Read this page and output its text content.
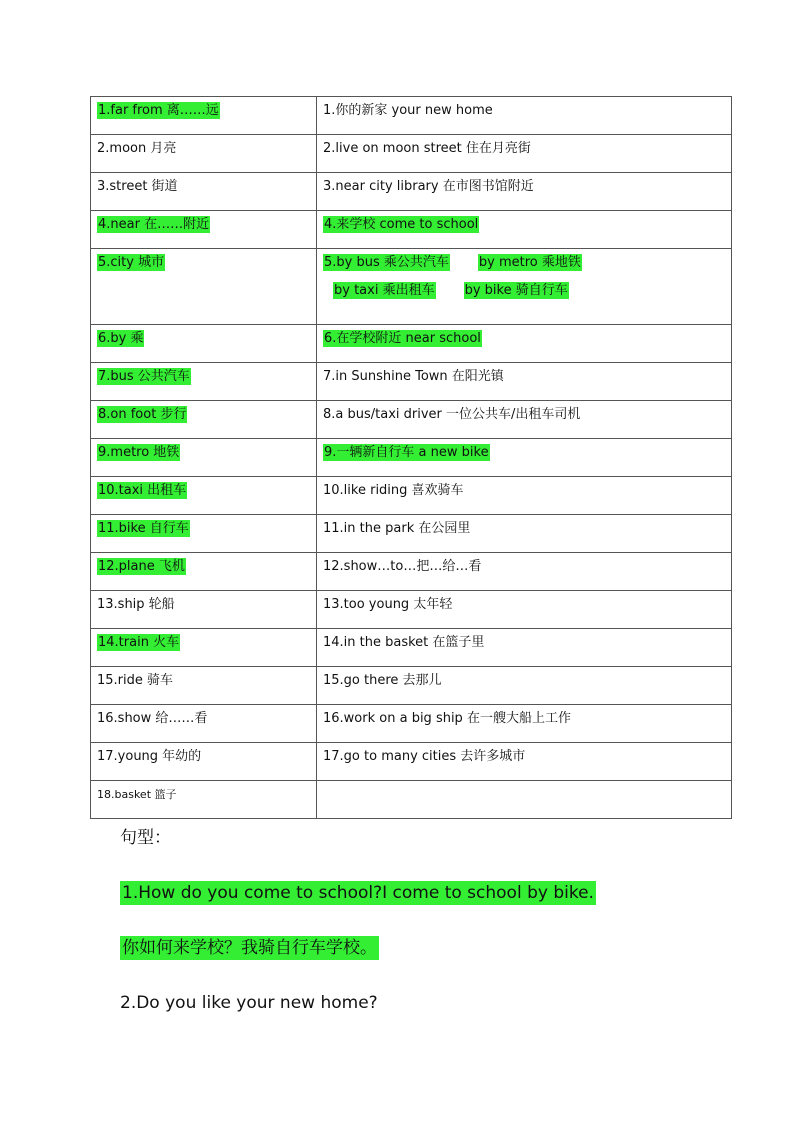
1.far from 离……远	1.你的新家 your new home
2.moon 月亮	2.live on moon street 住在月亮街
3.street 街道	3.near city library 在市图书馆附近
4.near 在……附近	4.来学校 come to school
5.city 城市	5.by bus 乘公共汽车 by metro 乘地铁
by taxi 乘出租车 by bike 骑自行车

6.by 乘	6.在学校附近 near school
7.bus 公共汽车	7.in Sunshine Town 在阳光镇
8.on foot 步行	8.a bus/taxi driver 一位公共车/出租车司机
9.metro 地铁	9.一辆新自行车 a new bike
10.taxi 出租车	10.like riding 喜欢骑车
11.bike 自行车	11.in the park 在公园里
12.plane 飞机	12.show…to…把…给…看
13.ship 轮船	13.too young 太年轻
14.train 火车	14.in the basket 在篮子里
15.ride 骑车	15.go there 去那儿
16.show 给……看	16.work on a big ship 在一艘大船上工作
17.young 年幼的	17.go to many cities 去许多城市
18.basket 篮子	
句型：

1.How do you come to school?I come to school by bike.

你如何来学校？我骑自行车学校。

2.Do you like your new home?
